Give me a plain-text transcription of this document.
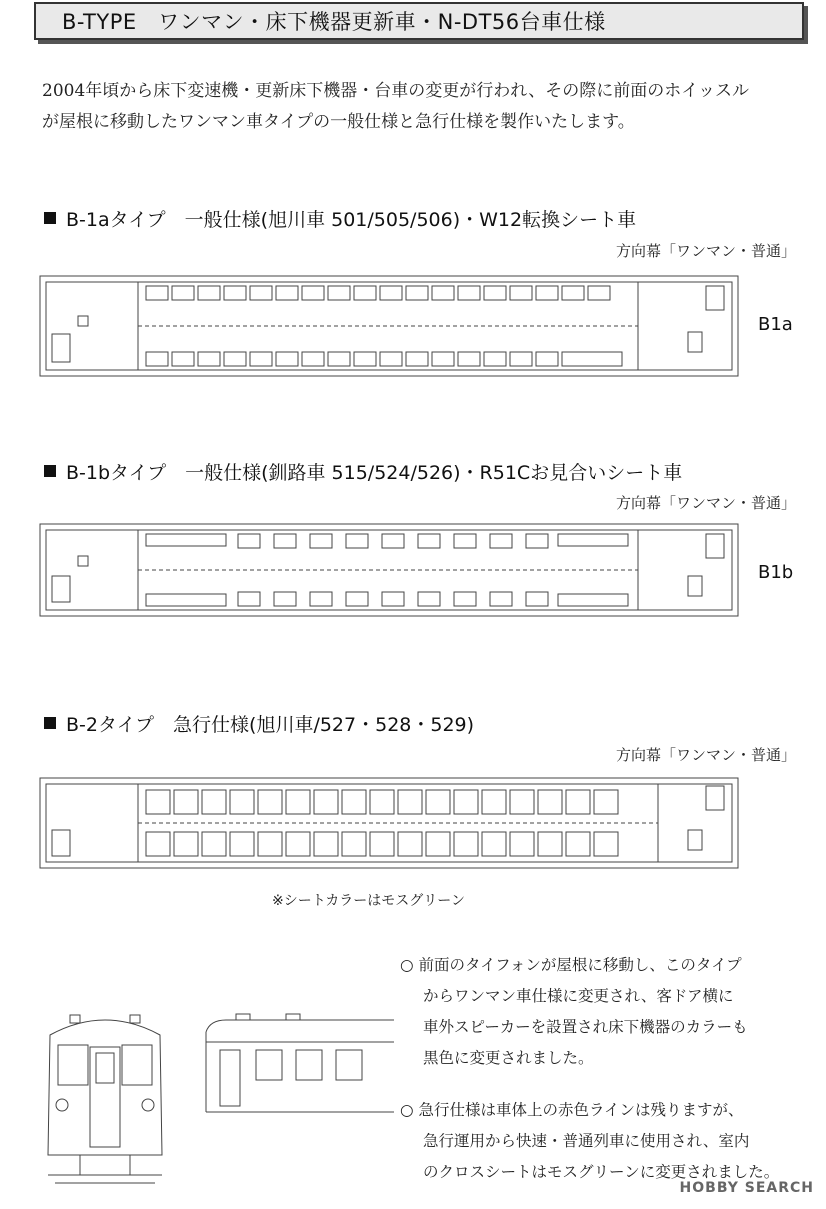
B-TYPE　ワンマン・床下機器更新車・N-DT56台車仕様
2004年頃から床下変速機・更新床下機器・台車の変更が行われ、その際に前面のホイッスル
が屋根に移動したワンマン車タイプの一般仕様と急行仕様を製作いたします。
B-1aタイプ　一般仕様(旭川車 501/505/506)・W12転換シート車
方向幕「ワンマン・普通」
B1a
B-1bタイプ　一般仕様(釧路車 515/524/526)・R51Cお見合いシート車
方向幕「ワンマン・普通」
B1b
B-2タイプ　急行仕様(旭川車/527・528・529)
方向幕「ワンマン・普通」
※シートカラーはモスグリーン

○ 前面のタイフォンが屋根に移動し、このタイプ
からワンマン車仕様に変更され、客ドア横に
車外スピーカーを設置され床下機器のカラーも
黒色に変更されました。

○ 急行仕様は車体上の赤色ラインは残りますが、
急行運用から快速・普通列車に使用され、室内
のクロスシートはモスグリーンに変更されました。

HOBBY SEARCH
